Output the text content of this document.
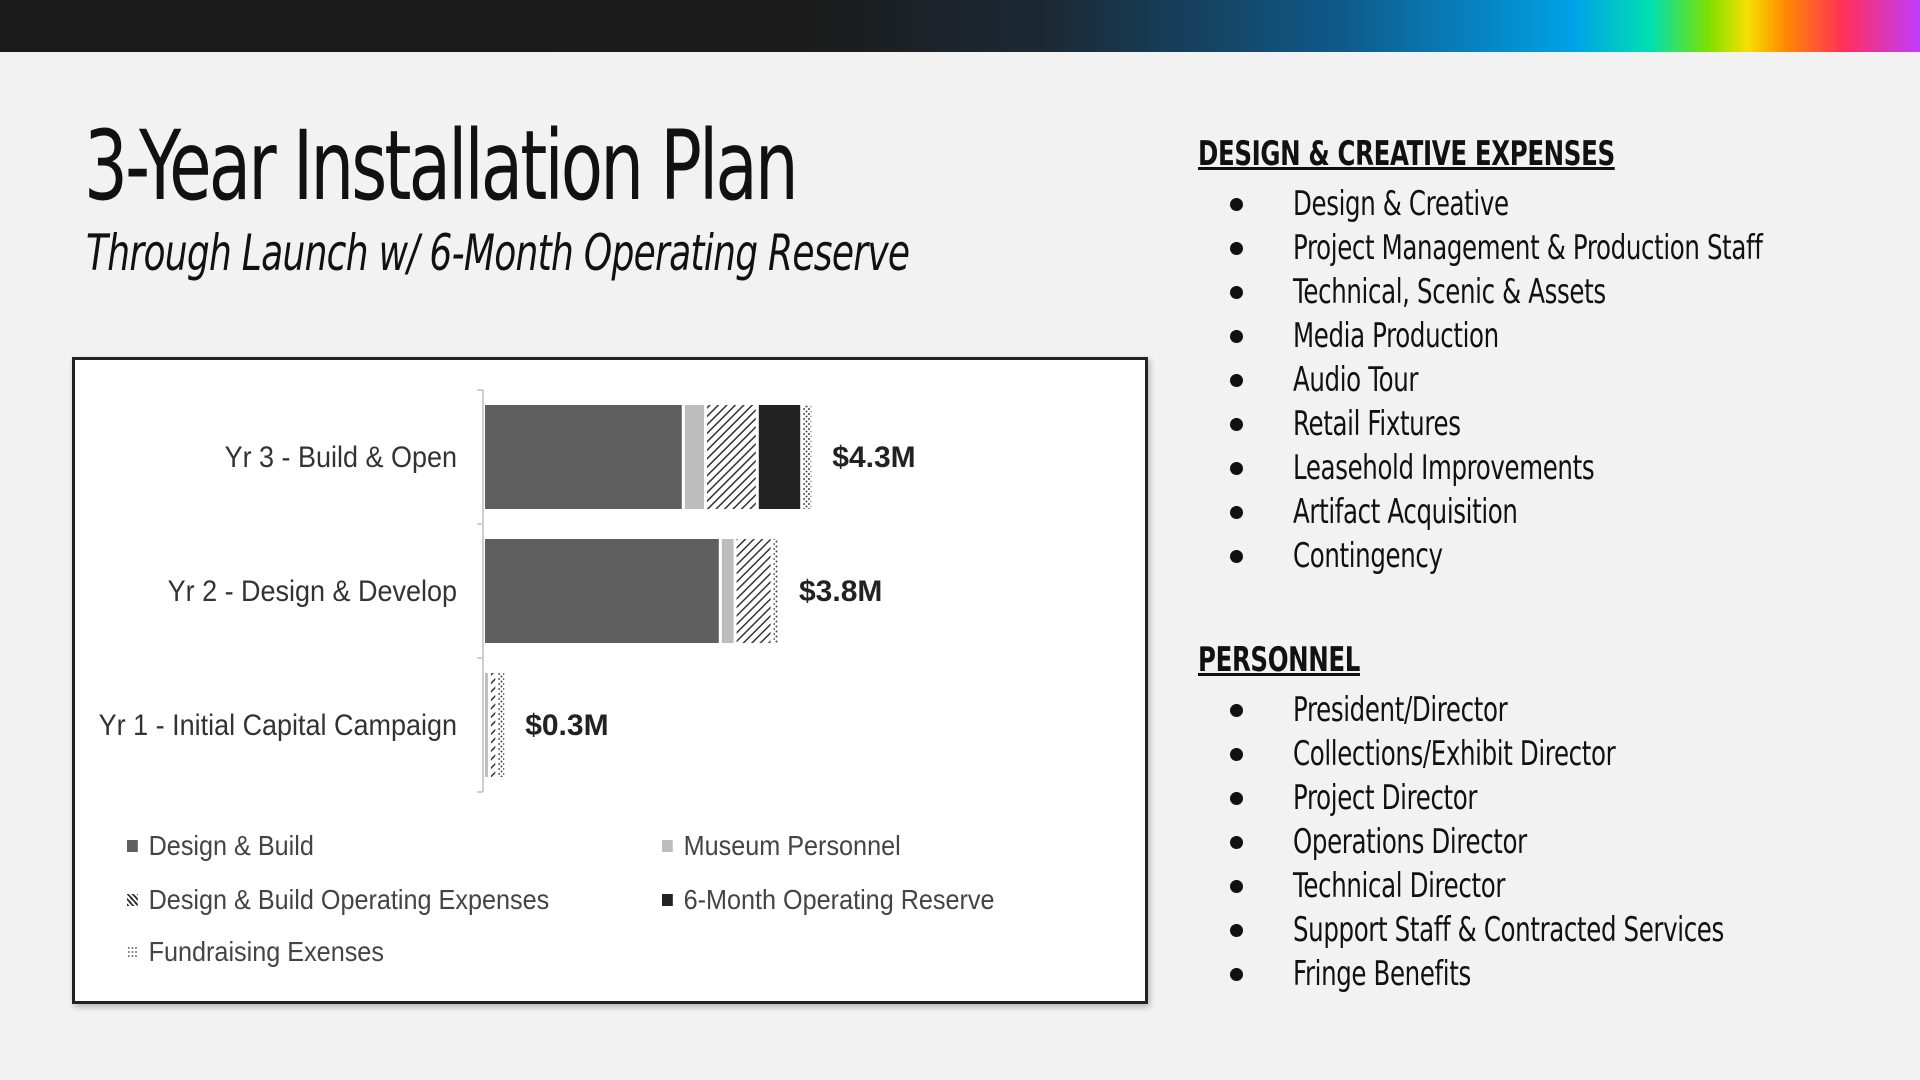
3-Year Installation Plan
Through Launch w/ 6-Month Operating Reserve
Yr 3 - Build & Open	$4.3M
Yr 2 - Design & Develop	$3.8M
Yr 1 - Initial Capital Campaign $0.3M
Design & Build	Museum Personnel
Design & Build Operating Expenses	6-Month Operating Reserve
Fundraising Exenses
DESIGN & CREATIVE EXPENSES
Design & Creative
Project Management & Production Staff
Technical, Scenic & Assets
Media Production
Audio Tour
Retail Fixtures
Leasehold Improvements
Artifact Acquisition
Contingency
PERSONNEL
President/Director
Collections/Exhibit Director
Project Director
Operations Director
Technical Director
Support Staff & Contracted Services
Fringe Benefits
